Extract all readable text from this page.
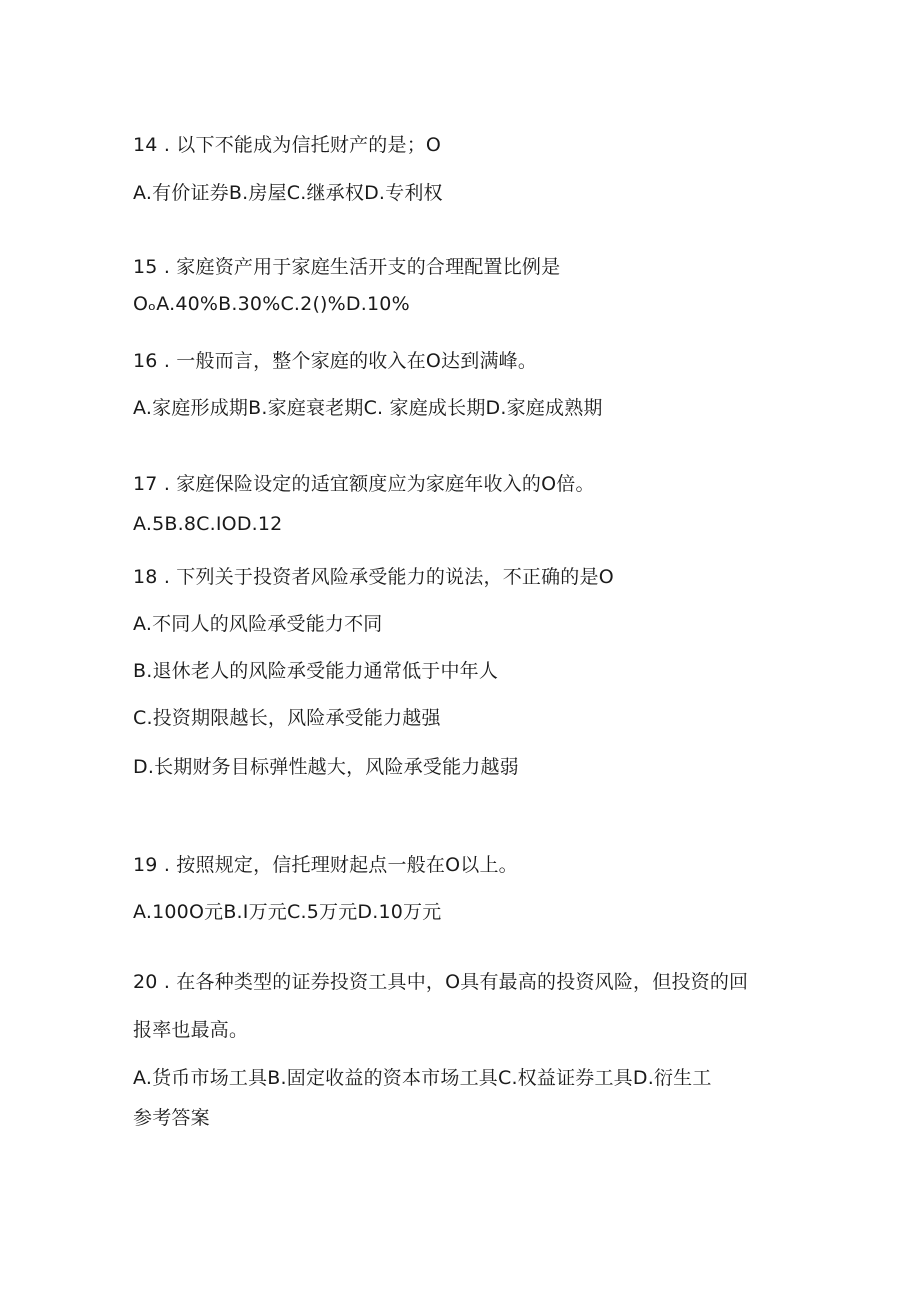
14 . 以下不能成为信托财产的是；O
A.有价证券B.房屋C.继承权D.专利权
15 . 家庭资产用于家庭生活开支的合理配置比例是
OₒA.40%B.30%C.2()%D.10%
16 . 一般而言，整个家庭的收入在O达到满峰。
A.家庭形成期B.家庭衰老期C. 家庭成长期D.家庭成熟期
17 . 家庭保险设定的适宜额度应为家庭年收入的O倍。
A.5B.8C.IOD.12
18 . 下列关于投资者风险承受能力的说法，不正确的是O
A.不同人的风险承受能力不同
B.退休老人的风险承受能力通常低于中年人
C.投资期限越长，风险承受能力越强
D.长期财务目标弹性越大，风险承受能力越弱
19 . 按照规定，信托理财起点一般在O以上。
A.100O元B.I万元C.5万元D.10万元
20 . 在各种类型的证券投资工具中，O具有最高的投资风险，但投资的回
报率也最高。
A.货币市场工具B.固定收益的资本市场工具C.权益证券工具D.衍生工
参考答案
